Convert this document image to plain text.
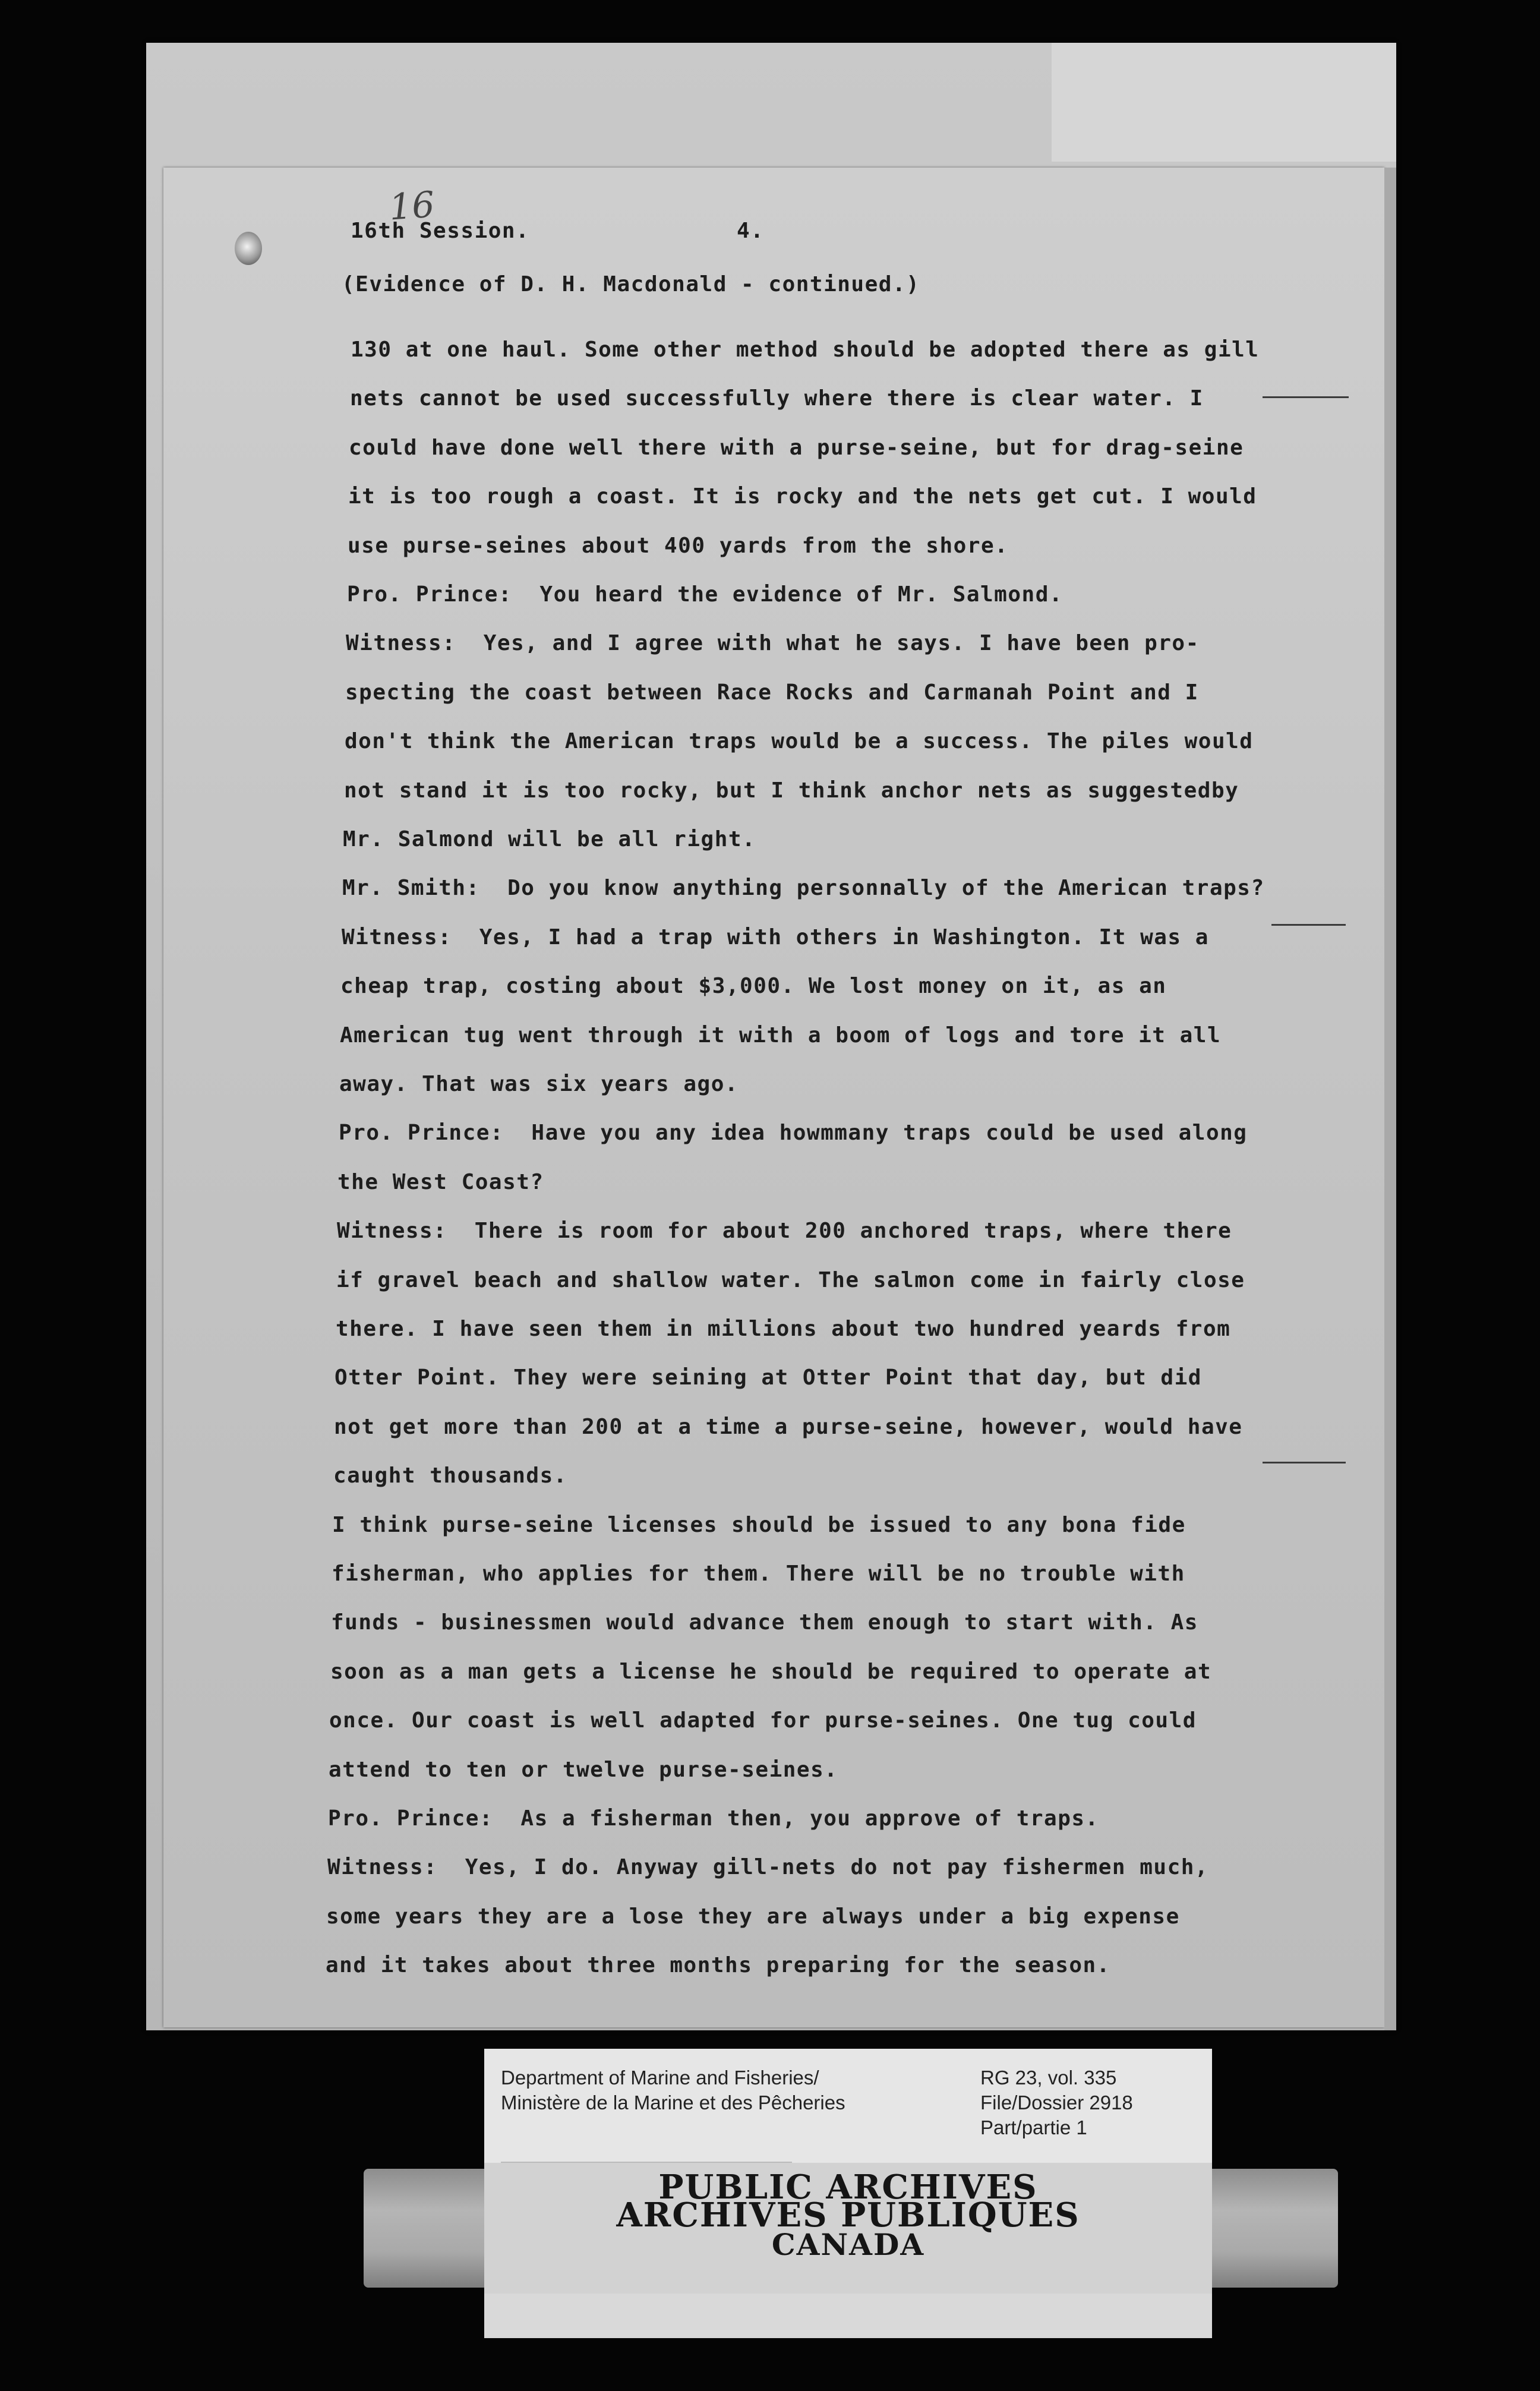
16
16th Session.	4.
(Evidence of D. H. Macdonald - continued.)
130 at one haul. Some other method should be adopted there as gill
nets cannot be used successfully where there is clear water. I
could have done well there with a purse-seine, but for drag-seine
it is too rough a coast. It is rocky and the nets get cut. I would
use purse-seines about 400 yards from the shore.
Pro. Prince:  You heard the evidence of Mr. Salmond.
Witness:  Yes, and I agree with what he says. I have been pro-
specting the coast between Race Rocks and Carmanah Point and I
don't think the American traps would be a success. The piles would
not stand it is too rocky, but I think anchor nets as suggestedby
Mr. Salmond will be all right.
Mr. Smith:  Do you know anything personnally of the American traps?
Witness:  Yes, I had a trap with others in Washington. It was a
cheap trap, costing about $3,000. We lost money on it, as an
American tug went through it with a boom of logs and tore it all
away. That was six years ago.
Pro. Prince:  Have you any idea howmmany traps could be used along
the West Coast?
Witness:  There is room for about 200 anchored traps, where there
if gravel beach and shallow water. The salmon come in fairly close
there. I have seen them in millions about two hundred yeards from
Otter Point. They were seining at Otter Point that day, but did
not get more than 200 at a time a purse-seine, however, would have
caught thousands.
I think purse-seine licenses should be issued to any bona fide
fisherman, who applies for them. There will be no trouble with
funds - businessmen would advance them enough to start with. As
soon as a man gets a license he should be required to operate at
once. Our coast is well adapted for purse-seines. One tug could
attend to ten or twelve purse-seines.
Pro. Prince:  As a fisherman then, you approve of traps.
Witness:  Yes, I do. Anyway gill-nets do not pay fishermen much,
some years they are a lose they are always under a big expense
and it takes about three months preparing for the season.
Department of Marine and Fisheries/
Ministère de la Marine et des Pêcheries
RG 23, vol. 335
File/Dossier 2918
Part/partie 1
PUBLIC ARCHIVES
ARCHIVES PUBLIQUES
CANADA
